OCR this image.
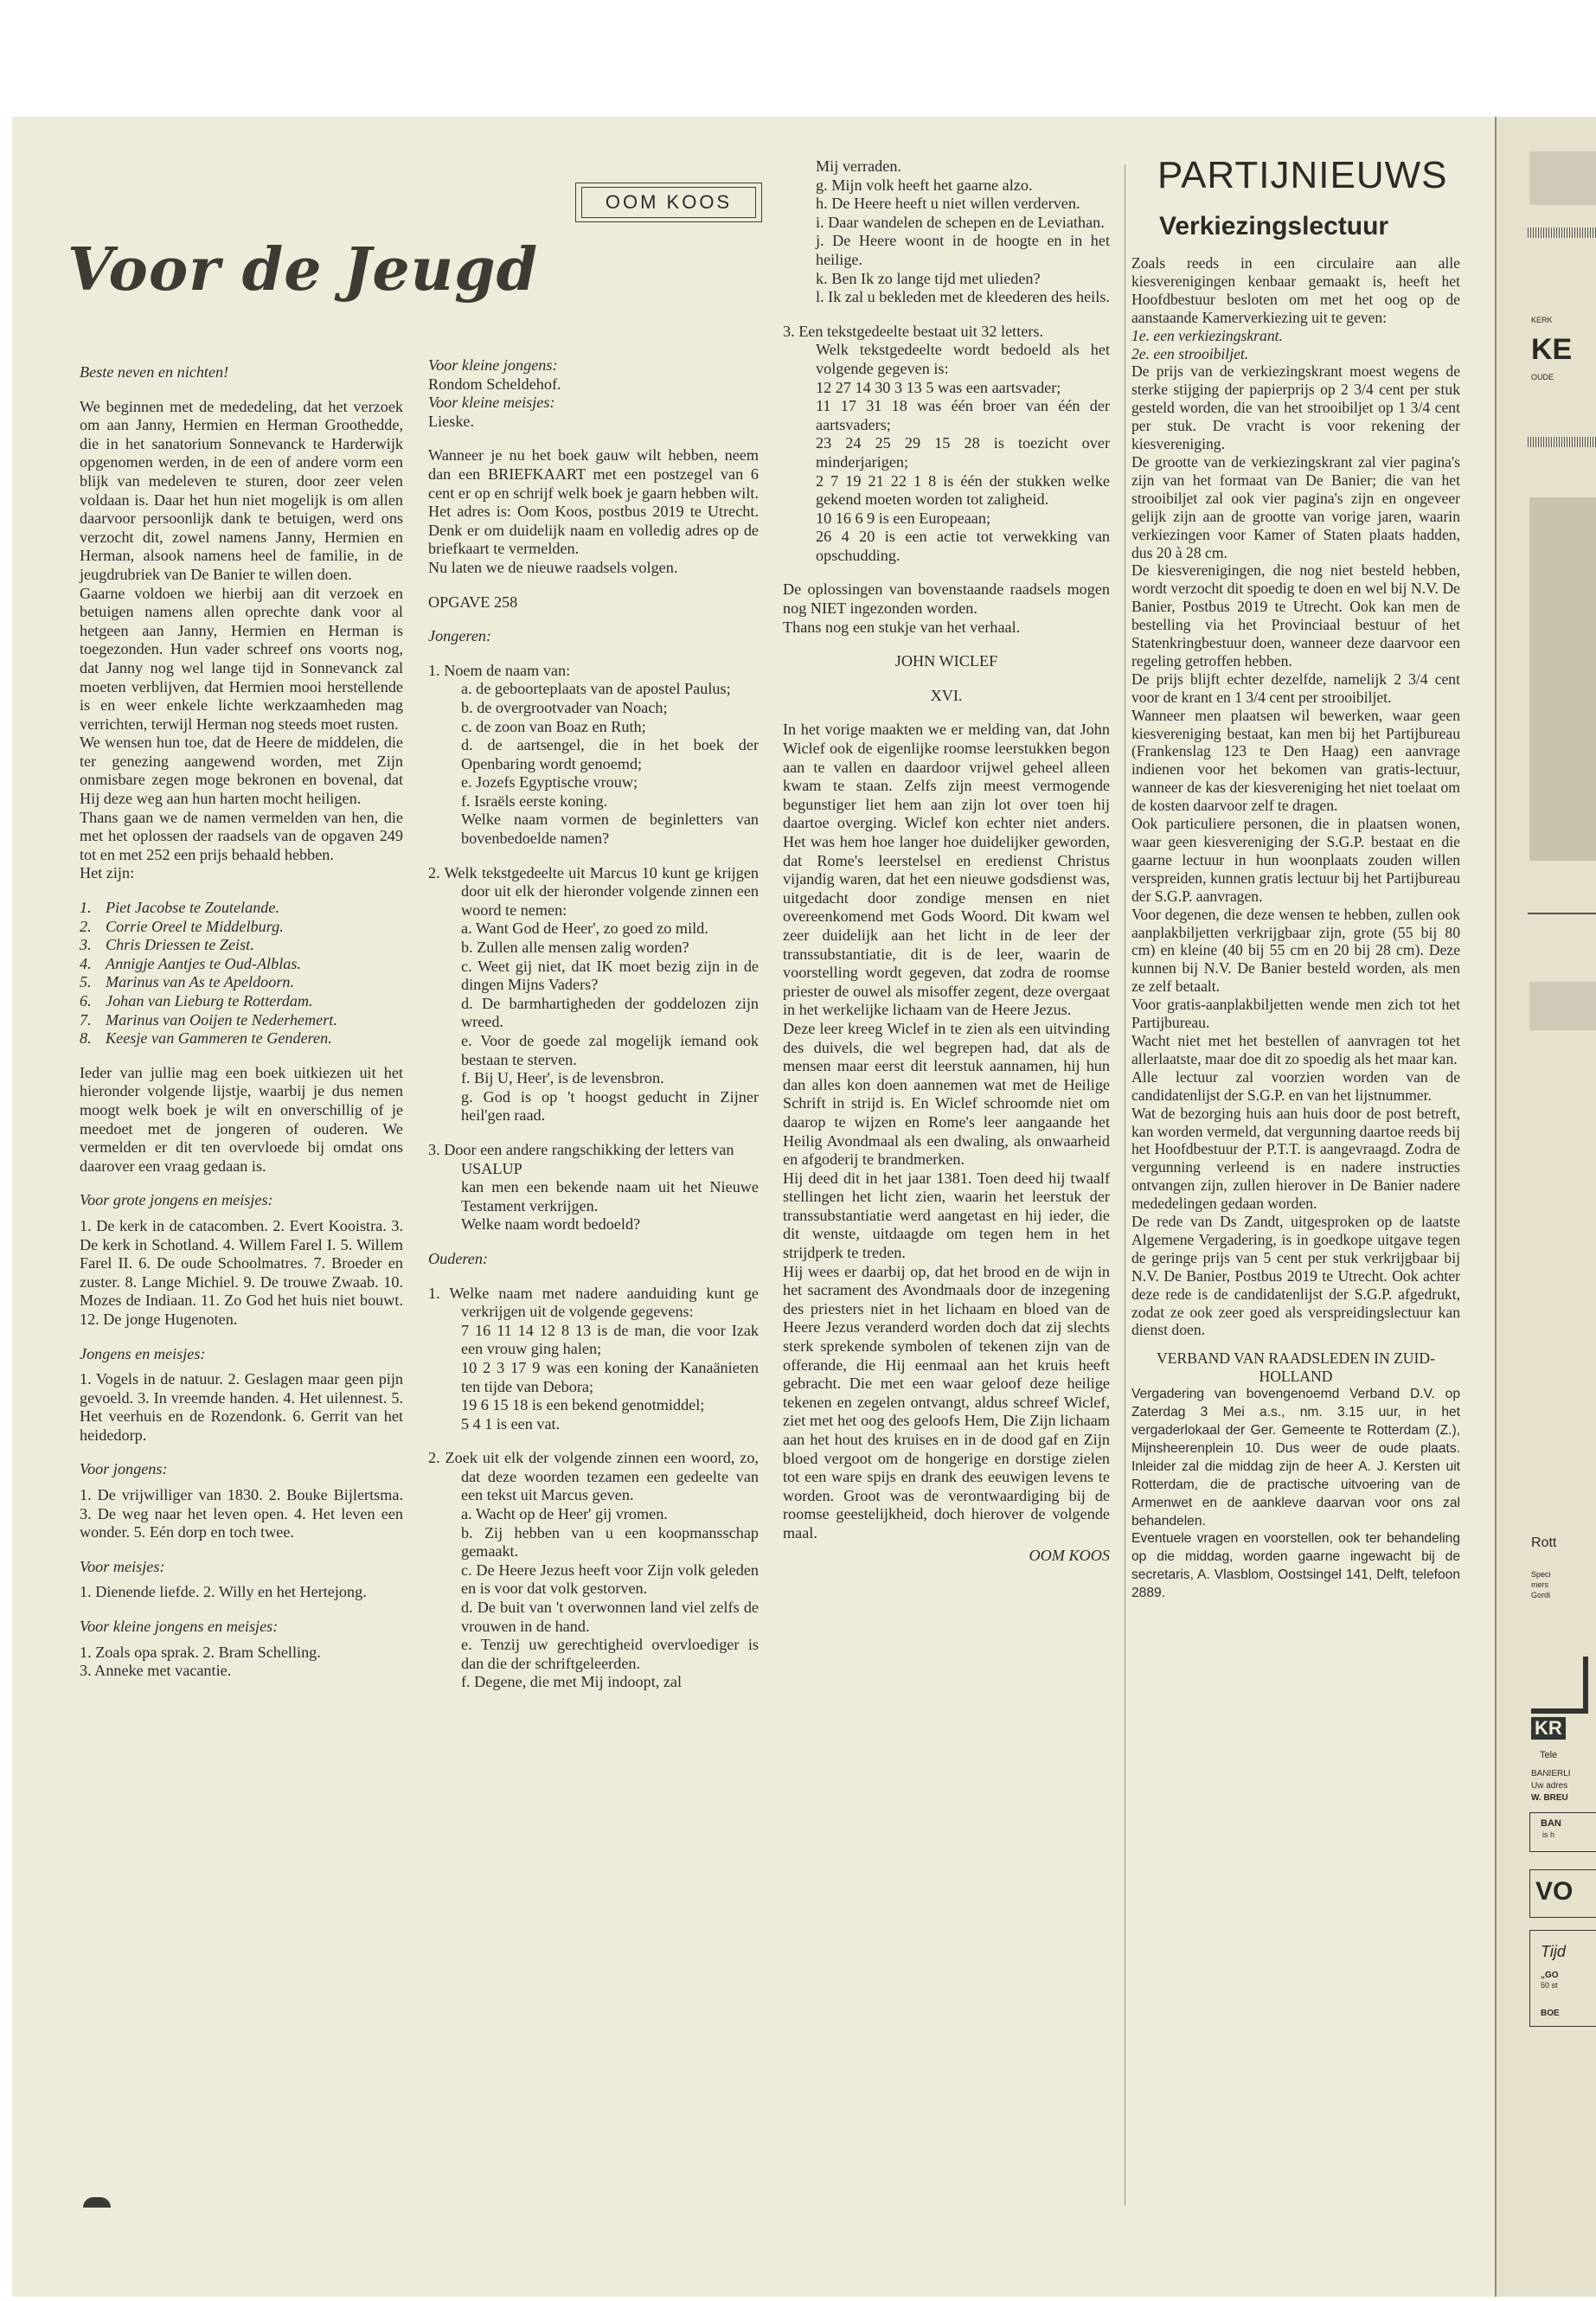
OOM KOOS
Voor de Jeugd

Beste neven en nichten!

We beginnen met de mededeling, dat het verzoek om aan Janny, Hermien en Herman Groothedde, die in het sanatorium Sonnevanck te Harderwijk opgenomen werden, in de een of andere vorm een blijk van medeleven te sturen, door zeer velen voldaan is. Daar het hun niet mogelijk is om allen daarvoor persoonlijk dank te betuigen, werd ons verzocht dit, zowel namens Janny, Hermien en Herman, alsook namens heel de familie, in de jeugdrubriek van De Banier te willen doen.

Gaarne voldoen we hierbij aan dit verzoek en betuigen namens allen oprechte dank voor al hetgeen aan Janny, Hermien en Herman is toegezonden. Hun vader schreef ons voorts nog, dat Janny nog wel lange tijd in Sonnevanck zal moeten verblijven, dat Hermien mooi herstellende is en weer enkele lichte werkzaamheden mag verrichten, terwijl Herman nog steeds moet rusten.

We wensen hun toe, dat de Heere de middelen, die ter genezing aangewend worden, met Zijn onmisbare zegen moge bekronen en bovenal, dat Hij deze weg aan hun harten mocht heiligen.

Thans gaan we de namen vermelden van hen, die met het oplossen der raadsels van de opgaven 249 tot en met 252 een prijs behaald hebben.

Het zijn:

1. Piet Jacobse te Zoutelande.
2. Corrie Oreel te Middelburg.
3. Chris Driessen te Zeist.
4. Annigje Aantjes te Oud-Alblas.
5. Marinus van As te Apeldoorn.
6. Johan van Lieburg te Rotterdam.
7. Marinus van Ooijen te Nederhemert.
8. Keesje van Gammeren te Genderen.

Ieder van jullie mag een boek uitkiezen uit het hieronder volgende lijstje, waarbij je dus nemen moogt welk boek je wilt en onverschillig of je meedoet met de jongeren of ouderen. We vermelden er dit ten overvloede bij omdat ons daarover een vraag gedaan is.

Voor grote jongens en meisjes:
1. De kerk in de catacomben. 2. Evert Kooistra. 3. De kerk in Schotland. 4. Willem Farel I. 5. Willem Farel II. 6. De oude Schoolmatres. 7. Broeder en zuster. 8. Lange Michiel. 9. De trouwe Zwaab. 10. Mozes de Indiaan. 11. Zo God het huis niet bouwt. 12. De jonge Hugenoten.
Jongens en meisjes:
1. Vogels in de natuur. 2. Geslagen maar geen pijn gevoeld. 3. In vreemde handen. 4. Het uilennest. 5. Het veerhuis en de Rozendonk. 6. Gerrit van het heidedorp.
Voor jongens:
1. De vrijwilliger van 1830. 2. Bouke Bijlertsma. 3. De weg naar het leven open. 4. Het leven een wonder. 5. Eén dorp en toch twee.
Voor meisjes:
1. Dienende liefde. 2. Willy en het Hertejong.
Voor kleine jongens en meisjes:
1. Zoals opa sprak. 2. Bram Schelling.
3. Anneke met vacantie.
Voor kleine jongens:
Rondom Scheldehof.
Voor kleine meisjes:

Lieske.

Wanneer je nu het boek gauw wilt hebben, neem dan een BRIEFKAART met een postzegel van 6 cent er op en schrijf welk boek je gaarn hebben wilt. Het adres is: Oom Koos, postbus 2019 te Utrecht. Denk er om duidelijk naam en volledig adres op de briefkaart te vermelden.

Nu laten we de nieuwe raadsels volgen.

OPGAVE 258

Jongeren:

1. Noem de naam van:
a. de geboorteplaats van de apostel Paulus;
b. de overgrootvader van Noach;
c. de zoon van Boaz en Ruth;
d. de aartsengel, die in het boek der Openbaring wordt genoemd;
e. Jozefs Egyptische vrouw;
f. Israëls eerste koning.
Welke naam vormen de beginletters van bovenbedoelde namen?
2. Welk tekstgedeelte uit Marcus 10 kunt ge krijgen door uit elk der hieronder volgende zinnen een woord te nemen:
a. Want God de Heer', zo goed zo mild.
b. Zullen alle mensen zalig worden?
c. Weet gij niet, dat IK moet bezig zijn in de dingen Mijns Vaders?
d. De barmhartigheden der goddelozen zijn wreed.
e. Voor de goede zal mogelijk iemand ook bestaan te sterven.
f. Bij U, Heer', is de levensbron.
g. God is op 't hoogst geducht in Zijner heil'gen raad.
3. Door een andere rangschikking der letters van
USALUP
kan men een bekende naam uit het Nieuwe Testament verkrijgen.
Welke naam wordt bedoeld?

Ouderen:

1. Welke naam met nadere aanduiding kunt ge verkrijgen uit de volgende gegevens:
7 16 11 14 12 8 13 is de man, die voor Izak een vrouw ging halen;
10 2 3 17 9 was een koning der Kanaänieten ten tijde van Debora;
19 6 15 18 is een bekend genotmiddel;
5 4 1 is een vat.
2. Zoek uit elk der volgende zinnen een woord, zo, dat deze woorden tezamen een gedeelte van een tekst uit Marcus geven.
a. Wacht op de Heer' gij vromen.
b. Zij hebben van u een koopmansschap gemaakt.
c. De Heere Jezus heeft voor Zijn volk geleden en is voor dat volk gestorven.
d. De buit van 't overwonnen land viel zelfs de vrouwen in de hand.
e. Tenzij uw gerechtigheid overvloediger is dan die der schriftgeleerden.
f. Degene, die met Mij indoopt, zal
Mij verraden.
g. Mijn volk heeft het gaarne alzo.
h. De Heere heeft u niet willen verderven.
i. Daar wandelen de schepen en de Leviathan.
j. De Heere woont in de hoogte en in het heilige.
k. Ben Ik zo lange tijd met ulieden?
l. Ik zal u bekleden met de kleederen des heils.
3. Een tekstgedeelte bestaat uit 32 letters.
Welk tekstgedeelte wordt bedoeld als het volgende gegeven is:
12 27 14 30 3 13 5 was een aartsvader;
11 17 31 18 was één broer van één der aartsvaders;
23 24 25 29 15 28 is toezicht over minderjarigen;
2 7 19 21 22 1 8 is één der stukken welke gekend moeten worden tot zaligheid.
10 16 6 9 is een Europeaan;
26 4 20 is een actie tot verwekking van opschudding.
De oplossingen van bovenstaande raadsels mogen nog NIET ingezonden worden.

Thans nog een stukje van het verhaal.

JOHN WICLEF

XVI.

In het vorige maakten we er melding van, dat John Wiclef ook de eigenlijke roomse leerstukken begon aan te vallen en daardoor vrijwel geheel alleen kwam te staan. Zelfs zijn meest vermogende begunstiger liet hem aan zijn lot over toen hij daartoe overging. Wiclef kon echter niet anders. Het was hem hoe langer hoe duidelijker geworden, dat Rome's leerstelsel en eredienst Christus vijandig waren, dat het een nieuwe godsdienst was, uitgedacht door zondige mensen en niet overeenkomend met Gods Woord. Dit kwam wel zeer duidelijk aan het licht in de leer der transsubstantiatie, dit is de leer, waarin de voorstelling wordt gegeven, dat zodra de roomse priester de ouwel als misoffer zegent, deze overgaat in het werkelijke lichaam van de Heere Jezus.
Deze leer kreeg Wiclef in te zien als een uitvinding des duivels, die wel begrepen had, dat als de mensen maar eerst dit leerstuk aannamen, hij hun dan alles kon doen aannemen wat met de Heilige Schrift in strijd is. En Wiclef schroomde niet om daarop te wijzen en Rome's leer aangaande het Heilig Avondmaal als een dwaling, als onwaarheid en afgoderij te brandmerken.
Hij deed dit in het jaar 1381. Toen deed hij twaalf stellingen het licht zien, waarin het leerstuk der transsubstantiatie werd aangetast en hij ieder, die dit wenste, uitdaagde om tegen hem in het strijdperk te treden.
Hij wees er daarbij op, dat het brood en de wijn in het sacrament des Avondmaals door de inzegening des priesters niet in het lichaam en bloed van de Heere Jezus veranderd worden doch dat zij slechts sterk sprekende symbolen of tekenen zijn van de offerande, die Hij eenmaal aan het kruis heeft gebracht. Die met een waar geloof deze heilige tekenen en zegelen ontvangt, aldus schreef Wiclef, ziet met het oog des geloofs Hem, Die Zijn lichaam aan het hout des kruises en in de dood gaf en Zijn bloed vergoot om de hongerige en dorstige zielen tot een ware spijs en drank des eeuwigen levens te worden. Groot was de verontwaardiging bij de roomse geestelijkheid, doch hierover de volgende maal.
OOM KOOS
PARTIJNIEUWS
Verkiezingslectuur
Zoals reeds in een circulaire aan alle kiesverenigingen kenbaar gemaakt is, heeft het Hoofdbestuur besloten om met het oog op de aanstaande Kamerverkiezing uit te geven:
1e. een verkiezingskrant.
2e. een strooibiljet.
De prijs van de verkiezingskrant moest wegens de sterke stijging der papierprijs op 2 3/4 cent per stuk gesteld worden, die van het strooibiljet op 1 3/4 cent per stuk. De vracht is voor rekening der kiesvereniging.
De grootte van de verkiezingskrant zal vier pagina's zijn van het formaat van De Banier; die van het strooibiljet zal ook vier pagina's zijn en ongeveer gelijk zijn aan de grootte van vorige jaren, waarin verkiezingen voor Kamer of Staten plaats hadden, dus 20 à 28 cm.
De kiesverenigingen, die nog niet besteld hebben, wordt verzocht dit spoedig te doen en wel bij N.V. De Banier, Postbus 2019 te Utrecht. Ook kan men de bestelling via het Provinciaal bestuur of het Statenkringbestuur doen, wanneer deze daarvoor een regeling getroffen hebben.
De prijs blijft echter dezelfde, namelijk 2 3/4 cent voor de krant en 1 3/4 cent per strooibiljet.
Wanneer men plaatsen wil bewerken, waar geen kiesvereniging bestaat, kan men bij het Partijbureau (Frankenslag 123 te Den Haag) een aanvrage indienen voor het bekomen van gratis-lectuur, wanneer de kas der kiesvereniging het niet toelaat om de kosten daarvoor zelf te dragen.
Ook particuliere personen, die in plaatsen wonen, waar geen kiesvereniging der S.G.P. bestaat en die gaarne lectuur in hun woonplaats zouden willen verspreiden, kunnen gratis lectuur bij het Partijbureau der S.G.P. aanvragen.
Voor degenen, die deze wensen te hebben, zullen ook aanplakbiljetten verkrijgbaar zijn, grote (55 bij 80 cm) en kleine (40 bij 55 cm en 20 bij 28 cm). Deze kunnen bij N.V. De Banier besteld worden, als men ze zelf betaalt.
Voor gratis-aanplakbiljetten wende men zich tot het Partijbureau.
Wacht niet met het bestellen of aanvragen tot het allerlaatste, maar doe dit zo spoedig als het maar kan.
Alle lectuur zal voorzien worden van de candidatenlijst der S.G.P. en van het lijstnummer.
Wat de bezorging huis aan huis door de post betreft, kan worden vermeld, dat vergunning daartoe reeds bij het Hoofdbestuur der P.T.T. is aangevraagd. Zodra de vergunning verleend is en nadere instructies ontvangen zijn, zullen hierover in De Banier nadere mededelingen gedaan worden.
De rede van Ds Zandt, uitgesproken op de laatste Algemene Vergadering, is in goedkope uitgave tegen de geringe prijs van 5 cent per stuk verkrijgbaar bij N.V. De Banier, Postbus 2019 te Utrecht. Ook achter deze rede is de candidatenlijst der S.G.P. afgedrukt, zodat ze ook zeer goed als verspreidingslectuur kan dienst doen.
VERBAND VAN RAADSLEDEN IN ZUID-HOLLAND
Vergadering van bovengenoemd Verband D.V. op Zaterdag 3 Mei a.s., nm. 3.15 uur, in het vergaderlokaal der Ger. Gemeente te Rotterdam (Z.), Mijnsheerenplein 10. Dus weer de oude plaats. Inleider zal die middag zijn de heer A. J. Kersten uit Rotterdam, die de practische uitvoering van de Armenwet en de aankleve daarvan voor ons zal behandelen.
Eventuele vragen en voorstellen, ook ter behandeling op die middag, worden gaarne ingewacht bij de secretaris, A. Vlasblom, Oostsingel 141, Delft, telefoon 2889.
KERK
KE
OUDE
Rott
Speci
mers
Gordi
KR
Tele
BANIERLI
Uw adres
W. BREU
BAN
is h
VO
Tijd
„GO
50 st
BOE
